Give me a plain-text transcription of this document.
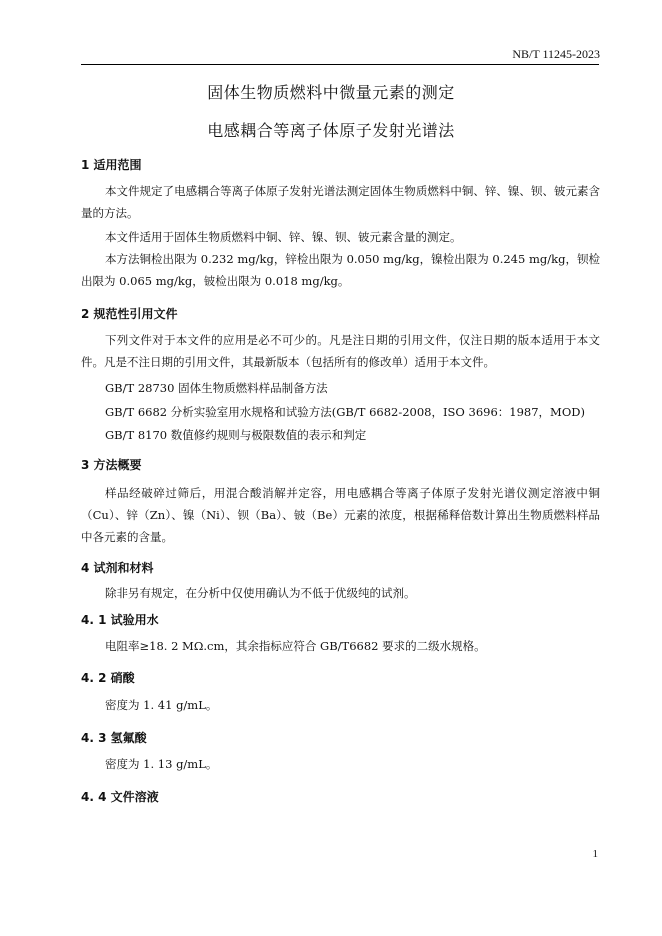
NB/T 11245-2023
固体生物质燃料中微量元素的测定
电感耦合等离子体原子发射光谱法
1 适用范围
本文件规定了电感耦合等离子体原子发射光谱法测定固体生物质燃料中铜、锌、镍、钡、铍元素含量的方法。
本文件适用于固体生物质燃料中铜、锌、镍、钡、铍元素含量的测定。
本方法铜检出限为 0.232 mg/kg，锌检出限为 0.050 mg/kg，镍检出限为 0.245 mg/kg，钡检出限为 0.065 mg/kg，铍检出限为 0.018 mg/kg。
2 规范性引用文件
下列文件对于本文件的应用是必不可少的。凡是注日期的引用文件，仅注日期的版本适用于本文件。凡是不注日期的引用文件，其最新版本（包括所有的修改单）适用于本文件。
GB/T 28730 固体生物质燃料样品制备方法
GB/T 6682 分析实验室用水规格和试验方法(GB/T 6682-2008，ISO 3696：1987，MOD)
GB/T 8170 数值修约规则与极限数值的表示和判定
3 方法概要
样品经破碎过筛后，用混合酸消解并定容，用电感耦合等离子体原子发射光谱仪测定溶液中铜（Cu）、锌（Zn）、镍（Ni）、钡（Ba）、铍（Be）元素的浓度，根据稀释倍数计算出生物质燃料样品中各元素的含量。
4 试剂和材料
除非另有规定，在分析中仅使用确认为不低于优级纯的试剂。
4. 1 试验用水
电阻率≥18. 2 MΩ.cm，其余指标应符合 GB/T6682 要求的二级水规格。
4. 2 硝酸
密度为 1. 41 g/mL。
4. 3 氢氟酸
密度为 1. 13 g/mL。
4. 4 文件溶液
1
